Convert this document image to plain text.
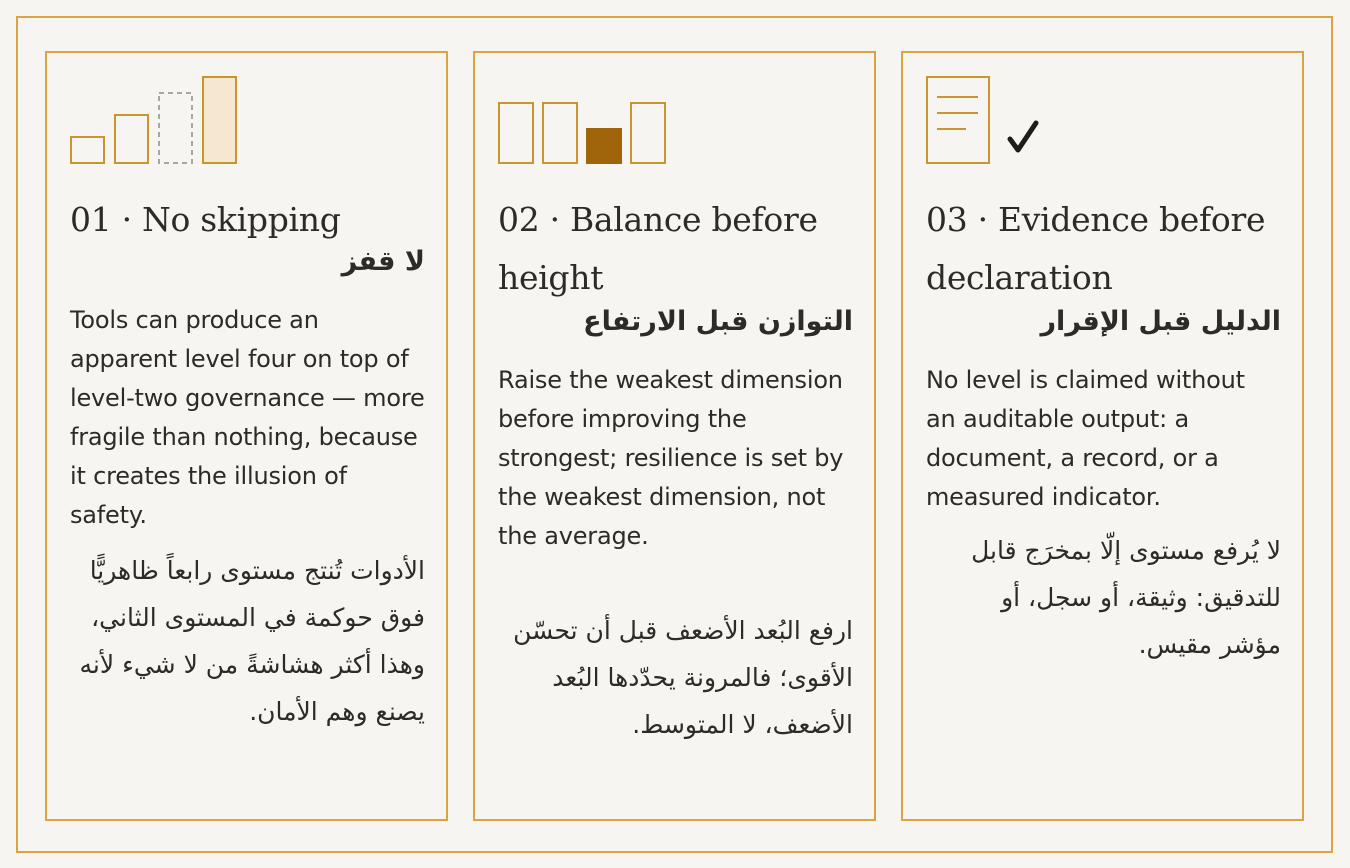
01 · No skipping

لا قفز

Tools can produce an apparent level four on top of level-two governance — more fragile than nothing, because it creates the illusion of safety.

الأدوات تُنتج مستوى رابعاً ظاهريًّا فوق حوكمة في المستوى الثاني، وهذا أكثر هشاشةً من لا شيء لأنه يصنع وهم الأمان.

02 · Balance before height

التوازن قبل الارتفاع

Raise the weakest dimension before improving the strongest; resilience is set by the weakest dimension, not the average.

ارفع البُعد الأضعف قبل أن تحسّن الأقوى؛ فالمرونة يحدّدها البُعد الأضعف، لا المتوسط.

03 · Evidence before declaration

الدليل قبل الإقرار

No level is claimed without an auditable output: a document, a record, or a measured indicator.

لا يُرفع مستوى إلّا بمخرَج قابل للتدقيق: وثيقة، أو سجل، أو مؤشر مقيس.
